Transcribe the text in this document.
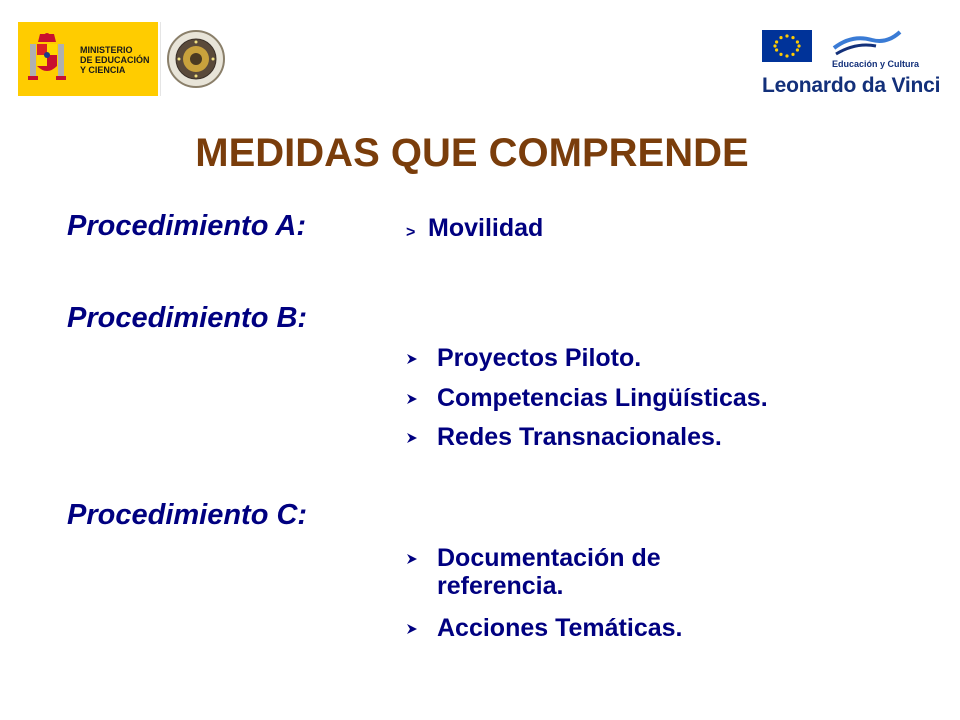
MINISTERIO
DE EDUCACIÓN
Y CIENCIA
Educación y Cultura
Leonardo da Vinci
MEDIDAS QUE COMPRENDE
Procedimiento A:	> Movilidad
Procedimiento B:
Proyectos Piloto.
Competencias Lingüísticas.
Redes Transnacionales.
Procedimiento C:
Documentación de referencia.
Acciones Temáticas.
